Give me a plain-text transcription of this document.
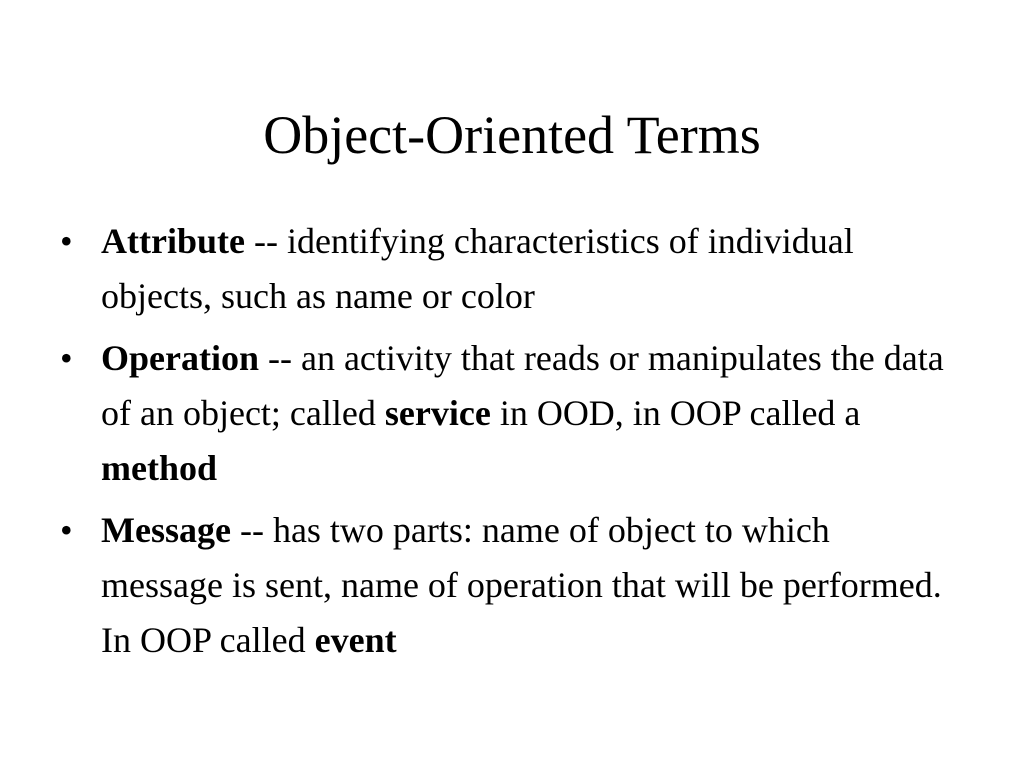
Object-Oriented Terms
• Attribute -- identifying characteristics of individual objects, such as name or color
• Operation -- an activity that reads or manipulates the data of an object; called service in OOD, in OOP called a method
• Message -- has two parts: name of object to which message is sent, name of operation that will be performed. In OOP called event
